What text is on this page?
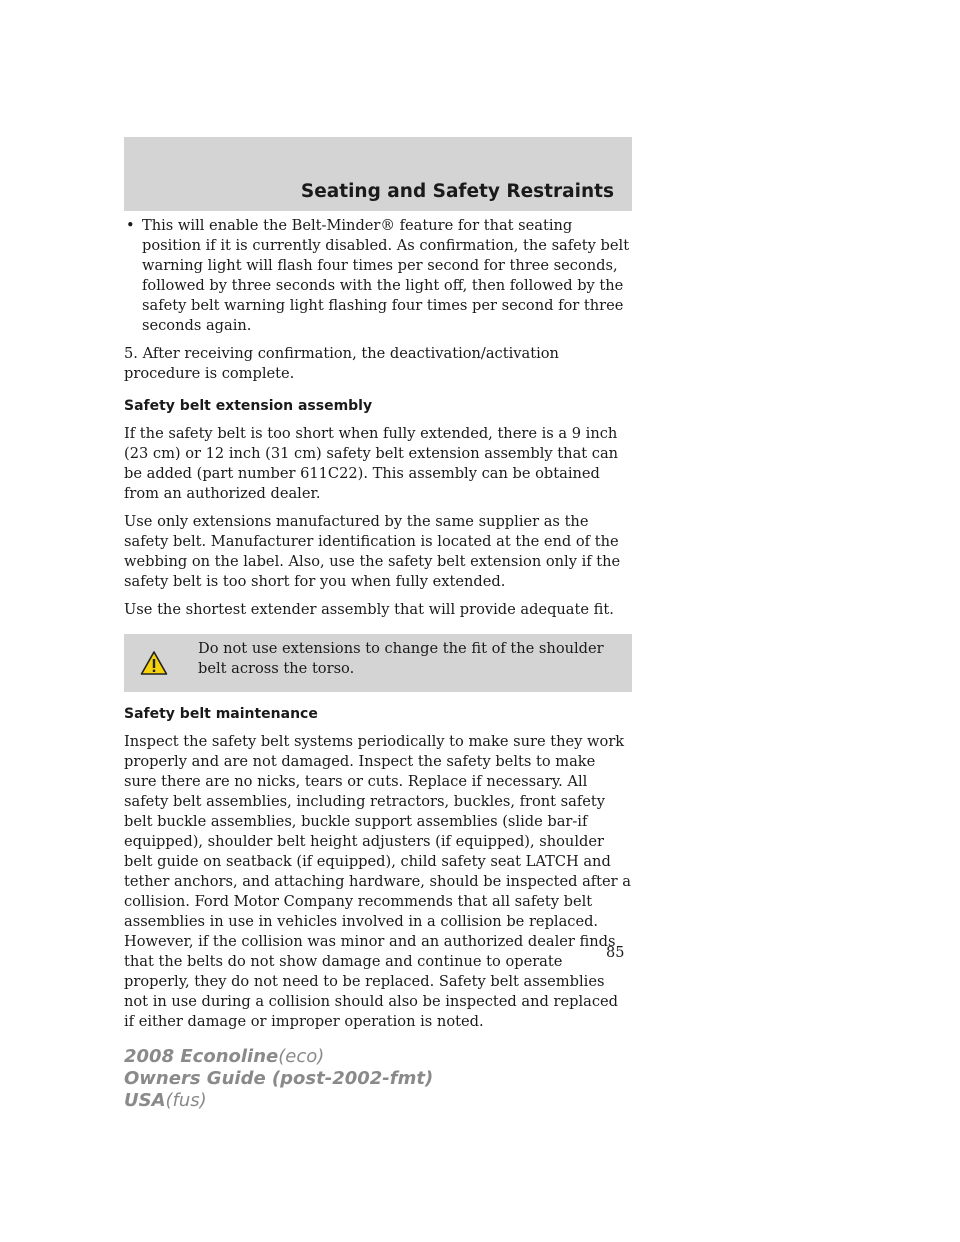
Seating and Safety Restraints

• This will enable the Belt-Minder® feature for that seating position if it is currently disabled. As confirmation, the safety belt warning light will flash four times per second for three seconds, followed by three seconds with the light off, then followed by the safety belt warning light flashing four times per second for three seconds again.

5. After receiving confirmation, the deactivation/activation procedure is complete.

Safety belt extension assembly

If the safety belt is too short when fully extended, there is a 9 inch (23 cm) or 12 inch (31 cm) safety belt extension assembly that can be added (part number 611C22). This assembly can be obtained from an authorized dealer.

Use only extensions manufactured by the same supplier as the safety belt. Manufacturer identification is located at the end of the webbing on the label. Also, use the safety belt extension only if the safety belt is too short for you when fully extended.

Use the shortest extender assembly that will provide adequate fit.

Do not use extensions to change the fit of the shoulder belt across the torso.

Safety belt maintenance

Inspect the safety belt systems periodically to make sure they work properly and are not damaged. Inspect the safety belts to make sure there are no nicks, tears or cuts. Replace if necessary. All safety belt assemblies, including retractors, buckles, front safety belt buckle assemblies, buckle support assemblies (slide bar-if equipped), shoulder belt height adjusters (if equipped), shoulder belt guide on seatback (if equipped), child safety seat LATCH and tether anchors, and attaching hardware, should be inspected after a collision. Ford Motor Company recommends that all safety belt assemblies in use in vehicles involved in a collision be replaced. However, if the collision was minor and an authorized dealer finds that the belts do not show damage and continue to operate properly, they do not need to be replaced. Safety belt assemblies not in use during a collision should also be inspected and replaced if either damage or improper operation is noted.

85
2008 Econoline(eco)
Owners Guide (post-2002-fmt)
USA(fus)
